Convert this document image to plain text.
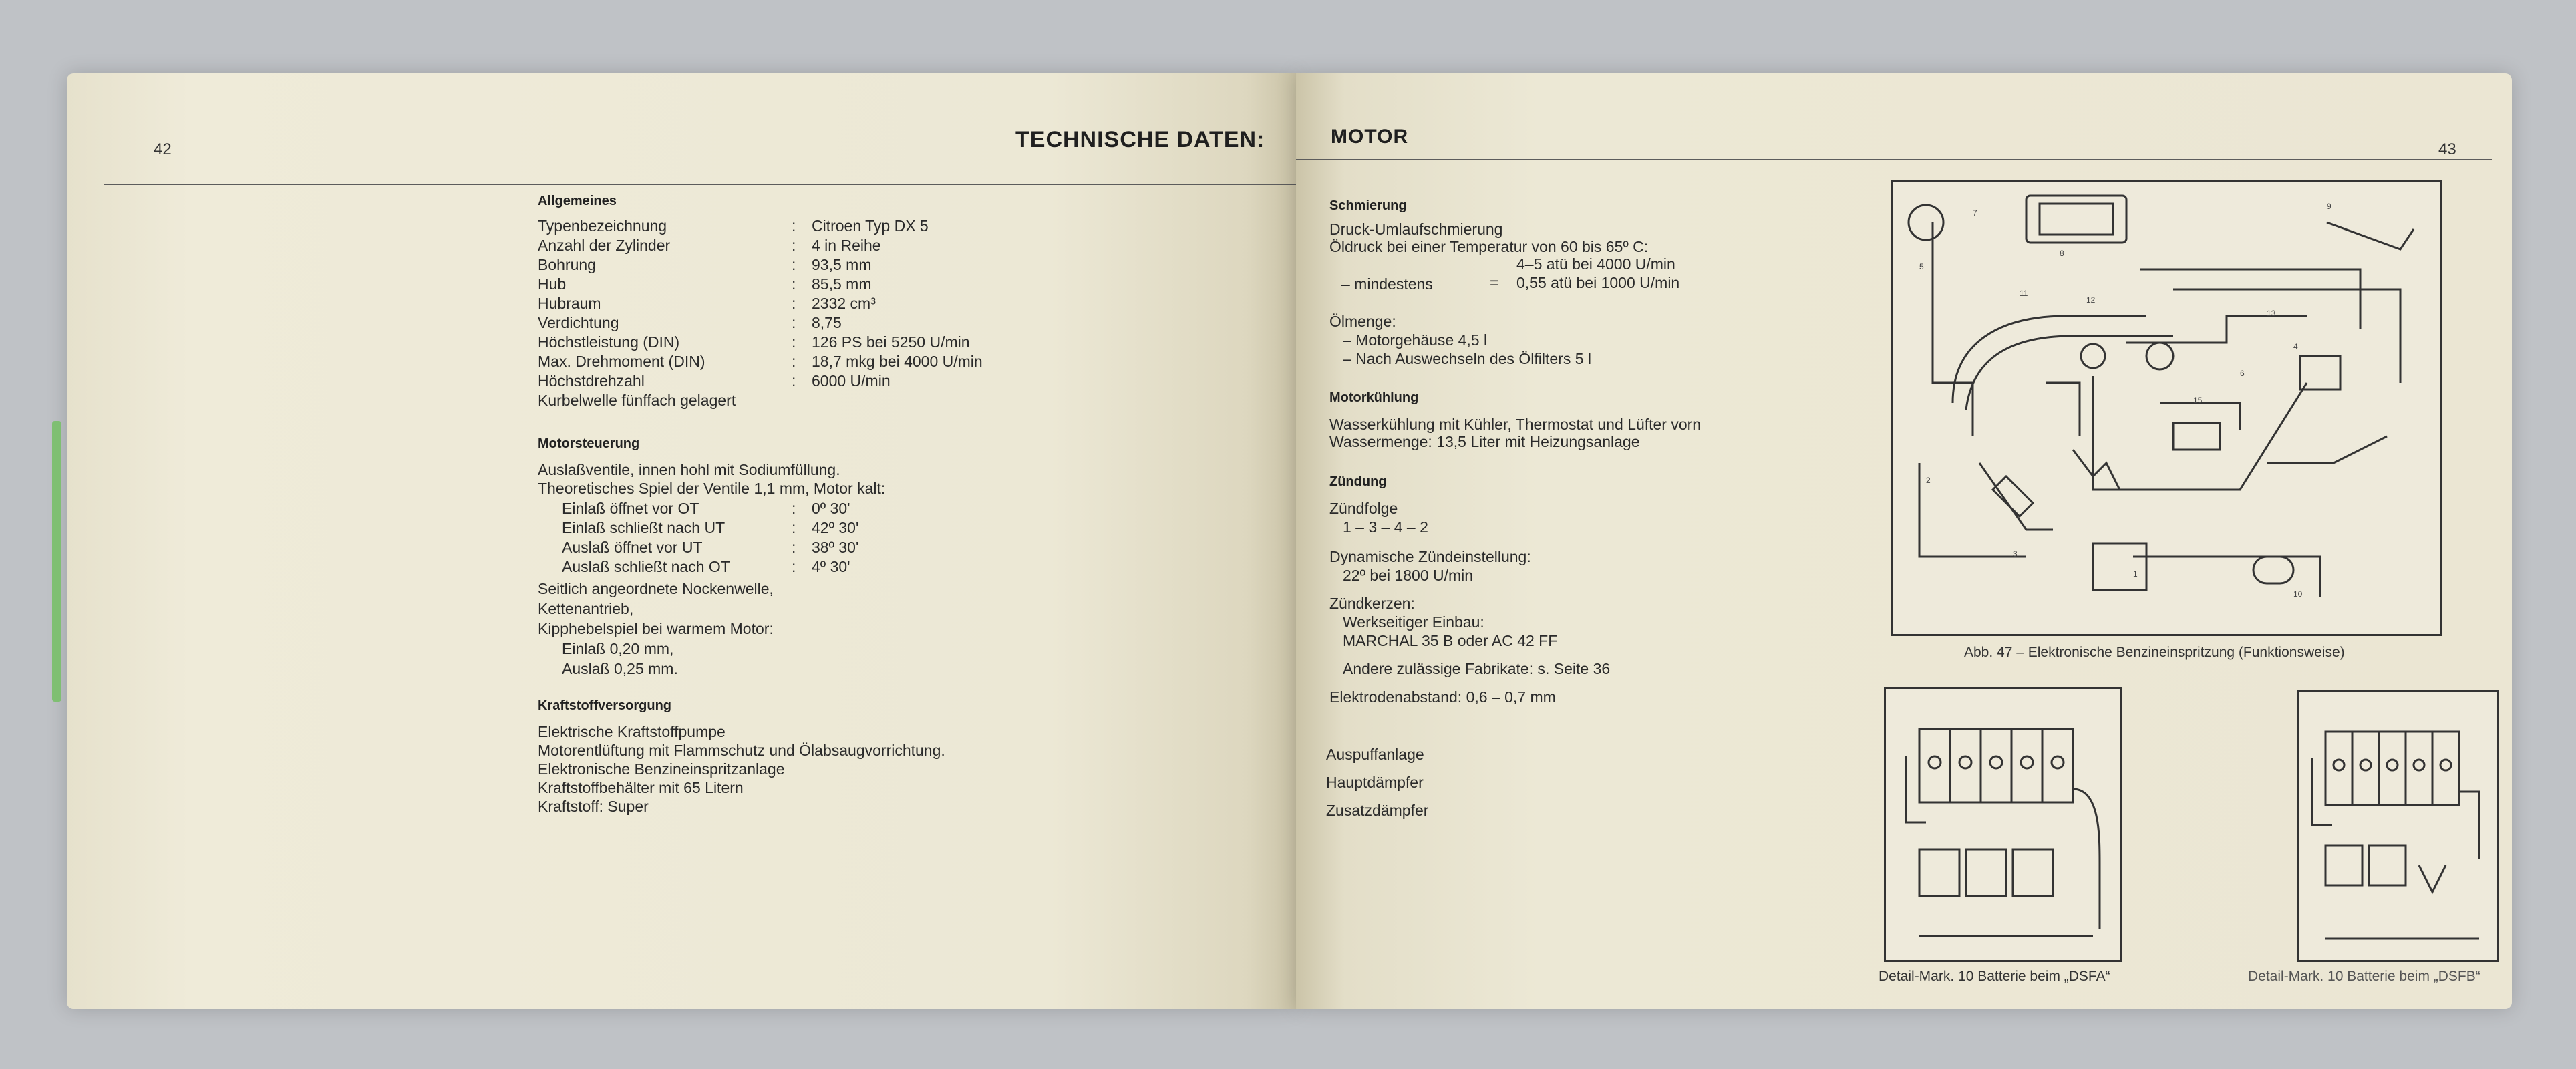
42	TECHNISCHE DATEN:
Allgemeines
Typenbezeichnung	: Citroen Typ DX 5
Anzahl der Zylinder	: 4 in Reihe
Bohrung	: 93,5 mm
Hub	: 85,5 mm
Hubraum	: 2332 cm³
Verdichtung	: 8,75
Höchstleistung (DIN)	: 126 PS bei 5250 U/min
Max. Drehmoment (DIN)	: 18,7 mkg bei 4000 U/min
Höchstdrehzahl	: 6000 U/min
Kurbelwelle fünffach gelagert
Motorsteuerung
Auslaßventile, innen hohl mit Sodiumfüllung.
Theoretisches Spiel der Ventile 1,1 mm, Motor kalt:
Einlaß öffnet vor OT	: 0º 30'
Einlaß schließt nach UT	: 42º 30'
Auslaß öffnet vor UT	: 38º 30'
Auslaß schließt nach OT	: 4º 30'
Seitlich angeordnete Nockenwelle,
Kettenantrieb,
Kipphebelspiel bei warmem Motor:
Einlaß 0,20 mm,
Auslaß 0,25 mm.
Kraftstoffversorgung
Elektrische Kraftstoffpumpe
Motorentlüftung mit Flammschutz und Ölabsaugvorrichtung.
Elektronische Benzineinspritzanlage
Kraftstoffbehälter mit 65 Litern
Kraftstoff: Super
MOTOR
43
Schmierung
Druck-Umlaufschmierung
Öldruck bei einer Temperatur von 60 bis 65º C:
4–5 atü bei 4000 U/min
– mindestens	= 0,55 atü bei 1000 U/min
Ölmenge:
– Motorgehäuse 4,5 l
– Nach Auswechseln des Ölfilters 5 l
Motorkühlung
Wasserkühlung mit Kühler, Thermostat und Lüfter vorn
Wassermenge: 13,5 Liter mit Heizungsanlage
Zündung
Zündfolge
1 – 3 – 4 – 2
Dynamische Zündeinstellung:
22º bei 1800 U/min
Zündkerzen:
Werkseitiger Einbau:
MARCHAL 35 B oder AC 42 FF
Andere zulässige Fabrikate: s. Seite 36
Elektrodenabstand: 0,6 – 0,7 mm
Auspuffanlage
Hauptdämpfer
Zusatzdämpfer
7
8
9
5
11
12
13
4
6
2
3
1
10
15
Abb. 47 – Elektronische Benzineinspritzung (Funktionsweise)
Detail-Mark. 10 Batterie beim „DSFA“	Detail-Mark. 10 Batterie beim „DSFB“
